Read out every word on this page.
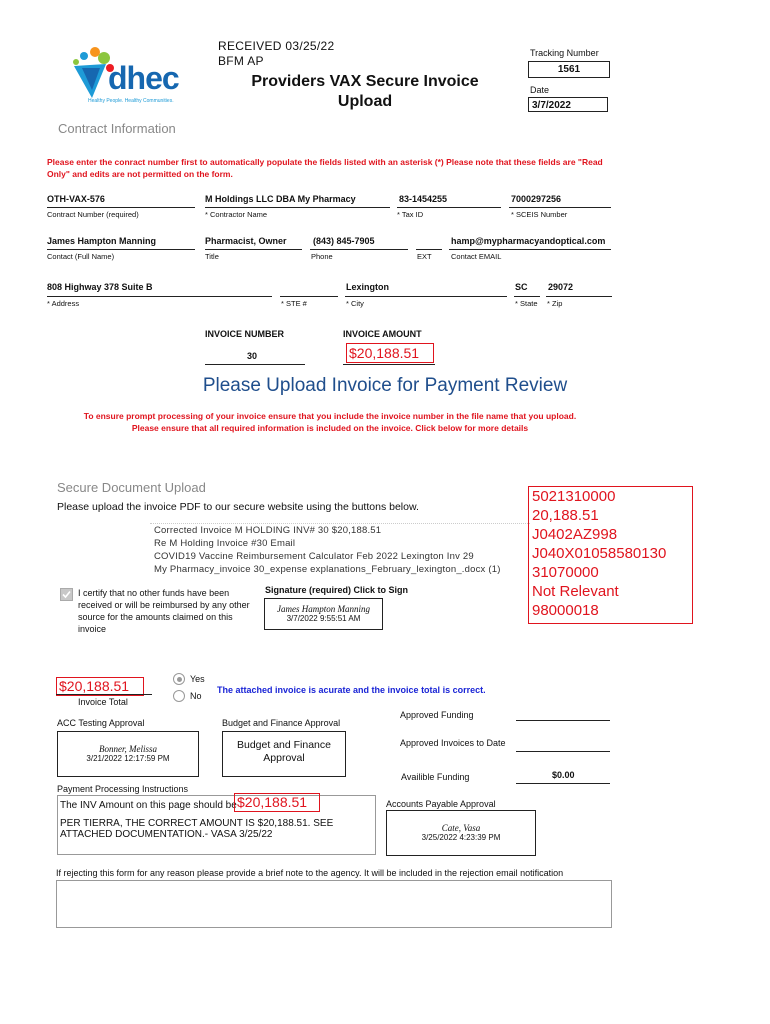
dhec
Healthy People. Healthy Communities.
RECEIVED 03/25/22
BFM AP
Providers VAX Secure Invoice
Upload
Tracking Number
1561
Date
3/7/2022
Contract Information
Please enter the conract number first to automatically populate the fields listed with an asterisk (*) Please note that these fields are "Read Only" and edits are not permitted on the form.
OTH-VAX-576
Contract Number (required)
M Holdings LLC DBA My Pharmacy
* Contractor Name
83-1454255
* Tax ID
7000297256
* SCEIS Number
James Hampton Manning
Contact (Full Name)
Pharmacist, Owner
Title
(843) 845-7905
Phone	EXT
hamp@mypharmacyandoptical.com
Contact EMAIL
808 Highway 378 Suite B
* Address	* STE #
Lexington
* City
SC
* State
29072
* Zip
INVOICE NUMBER
30
INVOICE AMOUNT
$20,188.51
Please Upload Invoice for Payment Review
To ensure prompt processing of your invoice ensure that you include the invoice number in the file name that you upload.
Please ensure that all required information is included on the invoice. Click below for more details
Secure Document Upload
Please upload the invoice PDF to our secure website using the buttons below.
Corrected Invoice M HOLDING INV# 30 $20,188.51
Re M Holding Invoice #30 Email
COVID19 Vaccine Reimbursement Calculator Feb 2022 Lexington Inv 29
My Pharmacy_invoice 30_expense explanations_February_lexington_.docx (1)
5021310000
20,188.51
J0402AZ998
J040X01058580130
31070000
Not Relevant
98000018
I certify that no other funds have been received or will be reimbursed by any other source for the amounts claimed on this invoice
Signature (required) Click to Sign
James Hampton Manning
3/7/2022 9:55:51 AM
$20,188.51
Invoice Total
Yes
No
The attached invoice is acurate and the invoice total is correct.
ACC Testing Approval
Bonner, Melissa
3/21/2022 12:17:59 PM
Budget and Finance Approval
Budget and Finance Approval
Approved Funding
Approved Invoices to Date
Availible Funding	$0.00
Payment Processing Instructions
The INV Amount on this page should be $20,188.51
PER TIERRA, THE CORRECT AMOUNT IS $20,188.51. SEE
ATTACHED DOCUMENTATION.- VASA 3/25/22
Accounts Payable Approval
Cate, Vasa
3/25/2022 4:23:39 PM
If rejecting this form for any reason please provide a brief note to the agency. It will be included in the rejection email notification
